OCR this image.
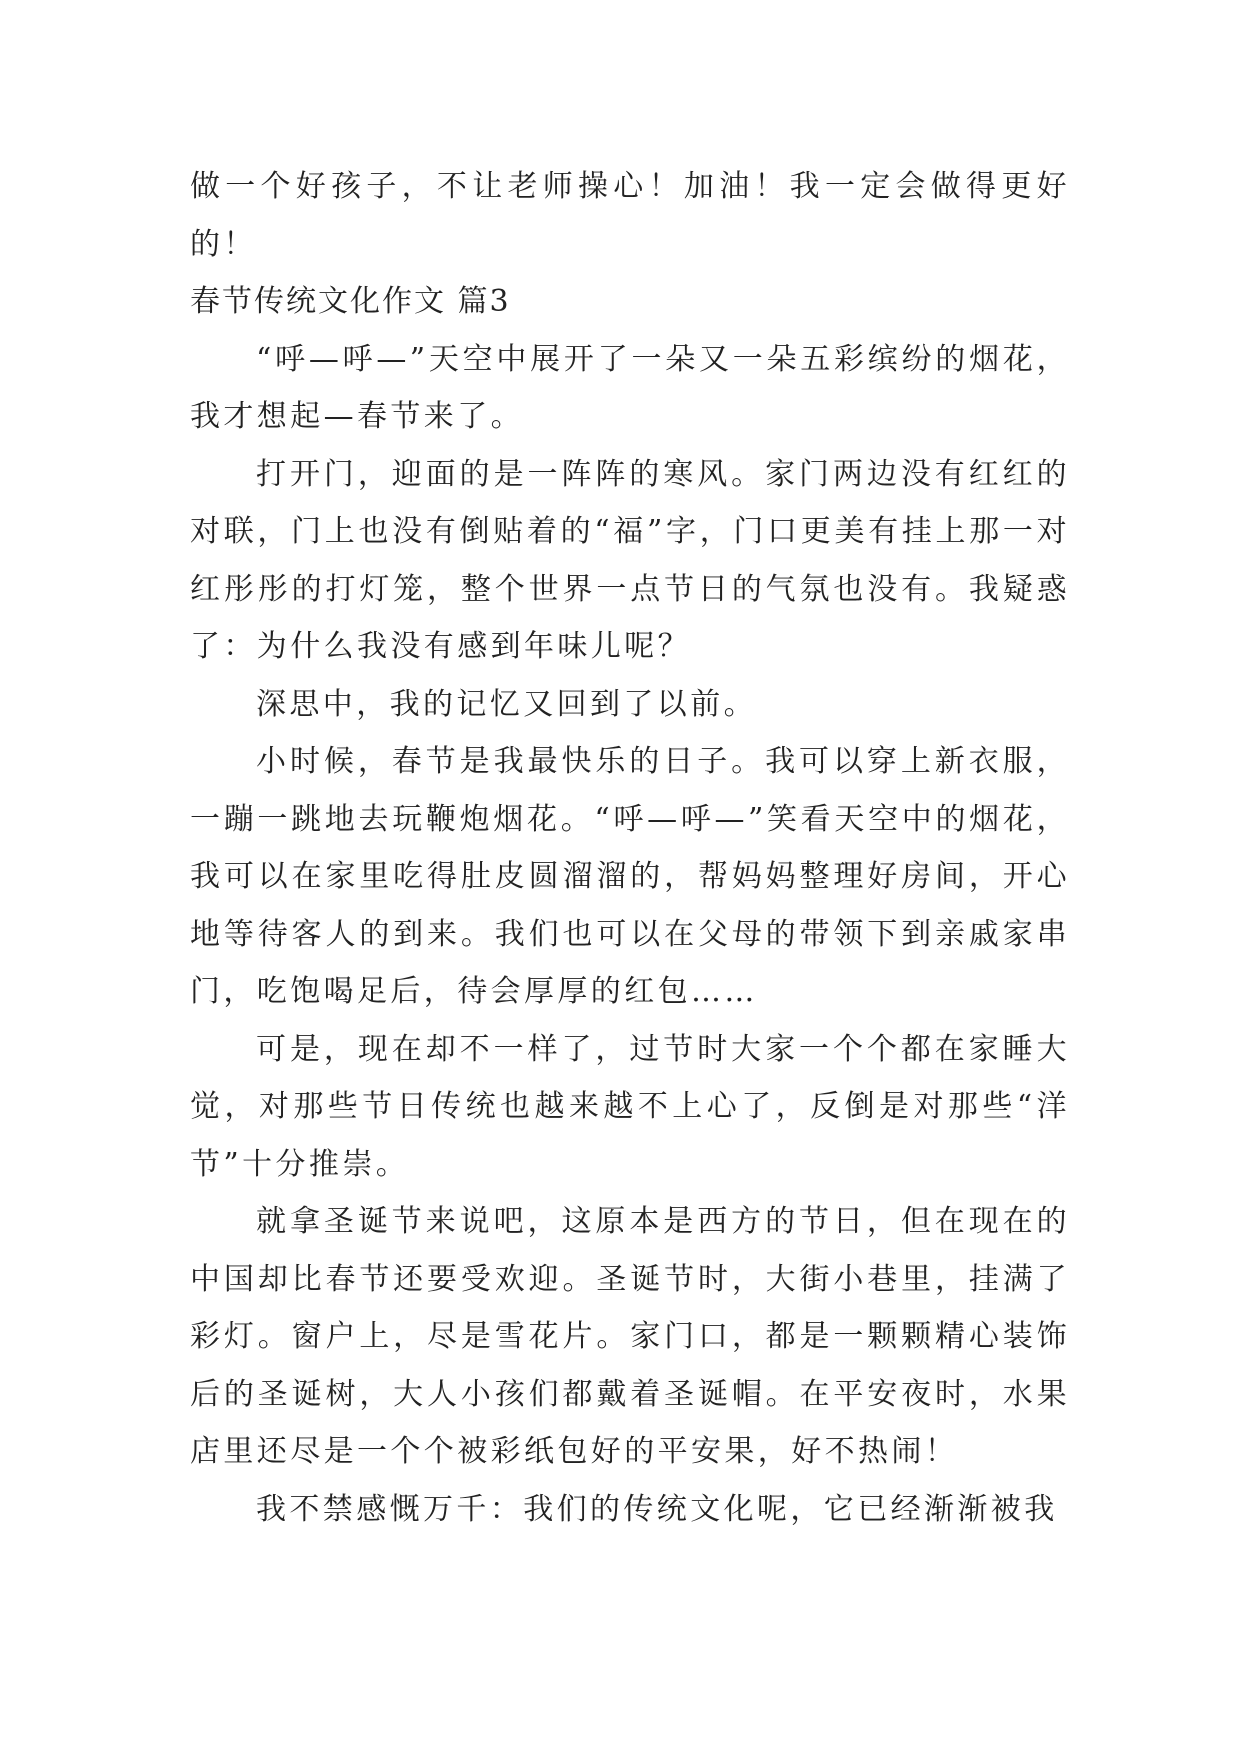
做一个好孩子，不让老师操心！加油！我一定会做得更好的！

春节传统文化作文 篇3

“呼—呼—”天空中展开了一朵又一朵五彩缤纷的烟花，我才想起—春节来了。

打开门，迎面的是一阵阵的寒风。家门两边没有红红的对联，门上也没有倒贴着的“福”字，门口更美有挂上那一对红彤彤的打灯笼，整个世界一点节日的气氛也没有。我疑惑了：为什么我没有感到年味儿呢？

深思中，我的记忆又回到了以前。

小时候，春节是我最快乐的日子。我可以穿上新衣服，一蹦一跳地去玩鞭炮烟花。“呼—呼—”笑看天空中的烟花，我可以在家里吃得肚皮圆溜溜的，帮妈妈整理好房间，开心地等待客人的到来。我们也可以在父母的带领下到亲戚家串门，吃饱喝足后，待会厚厚的红包……

可是，现在却不一样了，过节时大家一个个都在家睡大觉，对那些节日传统也越来越不上心了，反倒是对那些“洋节”十分推崇。

就拿圣诞节来说吧，这原本是西方的节日，但在现在的中国却比春节还要受欢迎。圣诞节时，大街小巷里，挂满了彩灯。窗户上，尽是雪花片。家门口，都是一颗颗精心装饰后的圣诞树，大人小孩们都戴着圣诞帽。在平安夜时，水果店里还尽是一个个被彩纸包好的平安果，好不热闹！

我不禁感慨万千：我们的传统文化呢，它已经渐渐被我
